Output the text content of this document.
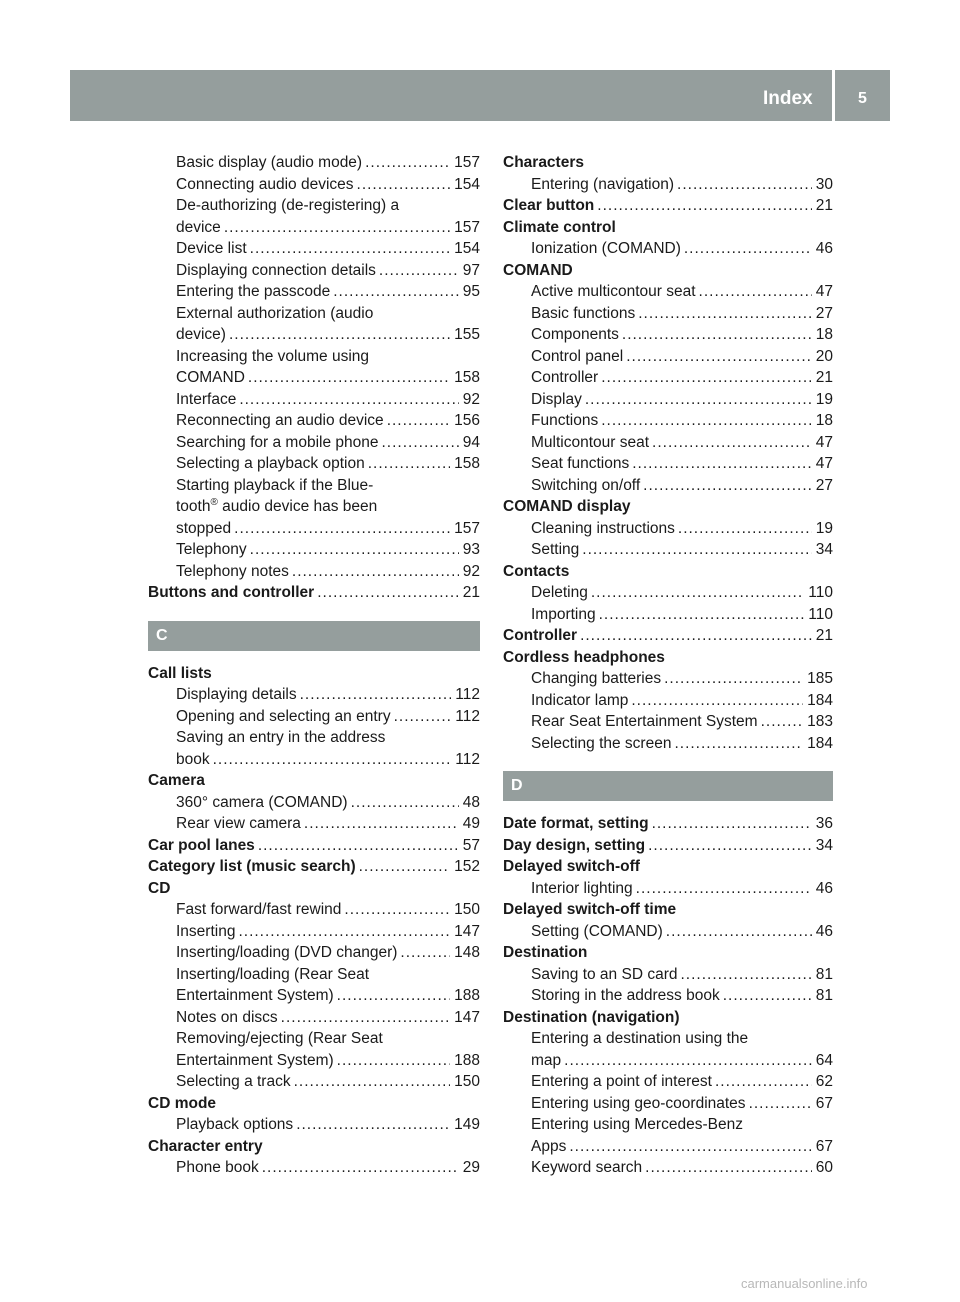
Index	5
Basic display (audio mode) .....	157
Connecting audio devices .....	154
De-authorizing (de-registering) a
device .....	157
Device list .....	154
Displaying connection details .....	97
Entering the passcode .....	95
External authorization (audio
device) .....	155
Increasing the volume using
COMAND .....	158
Interface .....	92
Reconnecting an audio device .....	156
Searching for a mobile phone .....	94
Selecting a playback option .....	158
Starting playback if the Blue-
tooth® audio device has been
stopped .....	157
Telephony .....	93
Telephony notes .....	92
Buttons and controller .....	21
C
Call lists
Displaying details .....	112
Opening and selecting an entry .....	112
Saving an entry in the address
book .....	112
Camera
360° camera (COMAND) .....	48
Rear view camera .....	49
Car pool lanes .....	57
Category list (music search) .....	152
CD
Fast forward/fast rewind .....	150
Inserting .....	147
Inserting/loading (DVD changer) .....	148
Inserting/loading (Rear Seat
Entertainment System) .....	188
Notes on discs .....	147
Removing/ejecting (Rear Seat
Entertainment System) .....	188
Selecting a track .....	150
CD mode
Playback options .....	149
Character entry
Phone book .....	29
Characters
Entering (navigation) .....	30
Clear button .....	21
Climate control
Ionization (COMAND) .....	46
COMAND
Active multicontour seat .....	47
Basic functions .....	27
Components .....	18
Control panel .....	20
Controller .....	21
Display .....	19
Functions .....	18
Multicontour seat .....	47
Seat functions .....	47
Switching on/off .....	27
COMAND display
Cleaning instructions .....	19
Setting .....	34
Contacts
Deleting .....	110
Importing .....	110
Controller .....	21
Cordless headphones
Changing batteries .....	185
Indicator lamp .....	184
Rear Seat Entertainment System .....	183
Selecting the screen .....	184
D
Date format, setting .....	36
Day design, setting .....	34
Delayed switch-off
Interior lighting .....	46
Delayed switch-off time
Setting (COMAND) .....	46
Destination
Saving to an SD card .....	81
Storing in the address book .....	81
Destination (navigation)
Entering a destination using the
map .....	64
Entering a point of interest .....	62
Entering using geo-coordinates .....	67
Entering using Mercedes-Benz
Apps .....	67
Keyword search .....	60
carmanualsonline.info
